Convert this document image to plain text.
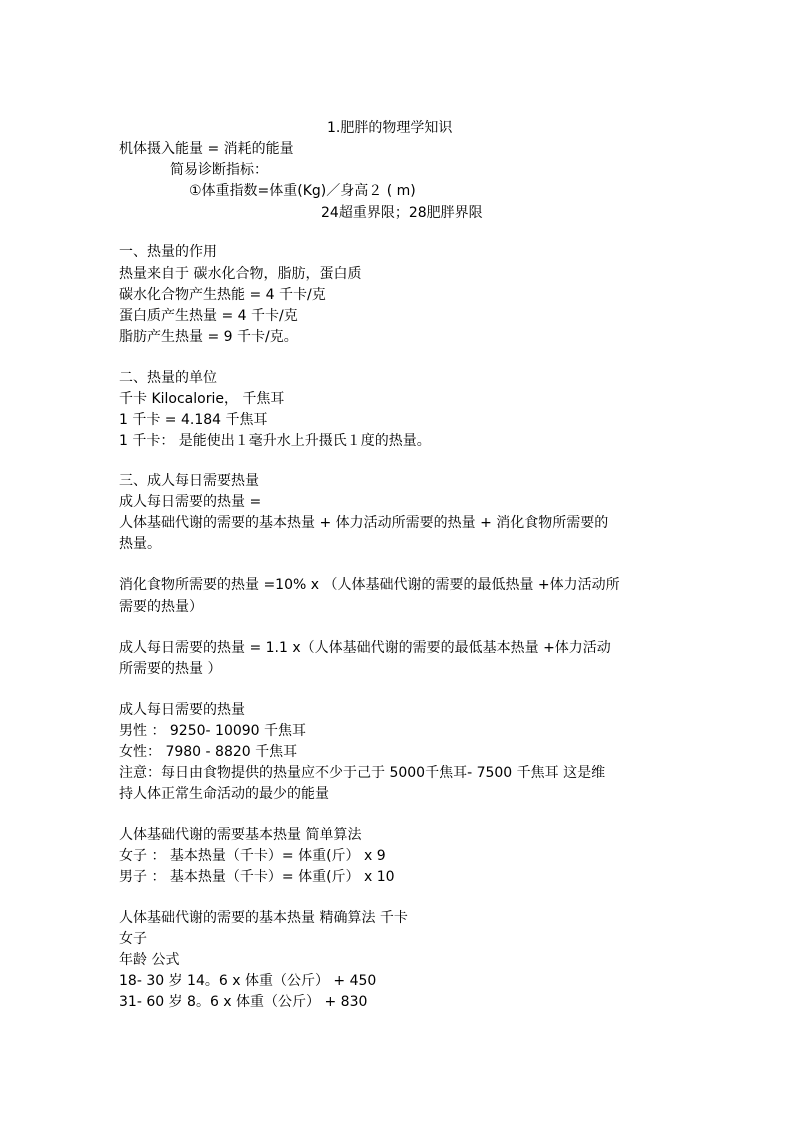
1.肥胖的物理学知识
机体摄入能量 = 消耗的能量
简易诊断指标：
①体重指数=体重(Kg)／身高２ ( m)
24超重界限；28肥胖界限
一、热量的作用
热量来自于 碳水化合物，脂肪，蛋白质
碳水化合物产生热能 = 4 千卡/克
蛋白质产生热量 = 4 千卡/克
脂肪产生热量 = 9 千卡/克。
二、热量的单位
千卡 Kilocalorie， 千焦耳
1 千卡 = 4.184 千焦耳
1 千卡： 是能使出１毫升水上升摄氏１度的热量。
三、成人每日需要热量
成人每日需要的热量 =
人体基础代谢的需要的基本热量 + 体力活动所需要的热量 + 消化食物所需要的
热量。
消化食物所需要的热量 =10% x （人体基础代谢的需要的最低热量 +体力活动所
需要的热量）
成人每日需要的热量 = 1.1 x（人体基础代谢的需要的最低基本热量 +体力活动
所需要的热量 ）
成人每日需要的热量
男性 ： 9250- 10090 千焦耳
女性： 7980 - 8820 千焦耳
注意：每日由食物提供的热量应不少于己于 5000千焦耳- 7500 千焦耳 这是维
持人体正常生命活动的最少的能量
人体基础代谢的需要基本热量 简单算法
女子 ： 基本热量（千卡）= 体重(斤） x 9
男子 ： 基本热量（千卡）= 体重(斤） x 10
人体基础代谢的需要的基本热量 精确算法 千卡
女子
年龄 公式
18- 30 岁 14。6 x 体重（公斤） + 450
31- 60 岁 8。6 x 体重（公斤） + 830
